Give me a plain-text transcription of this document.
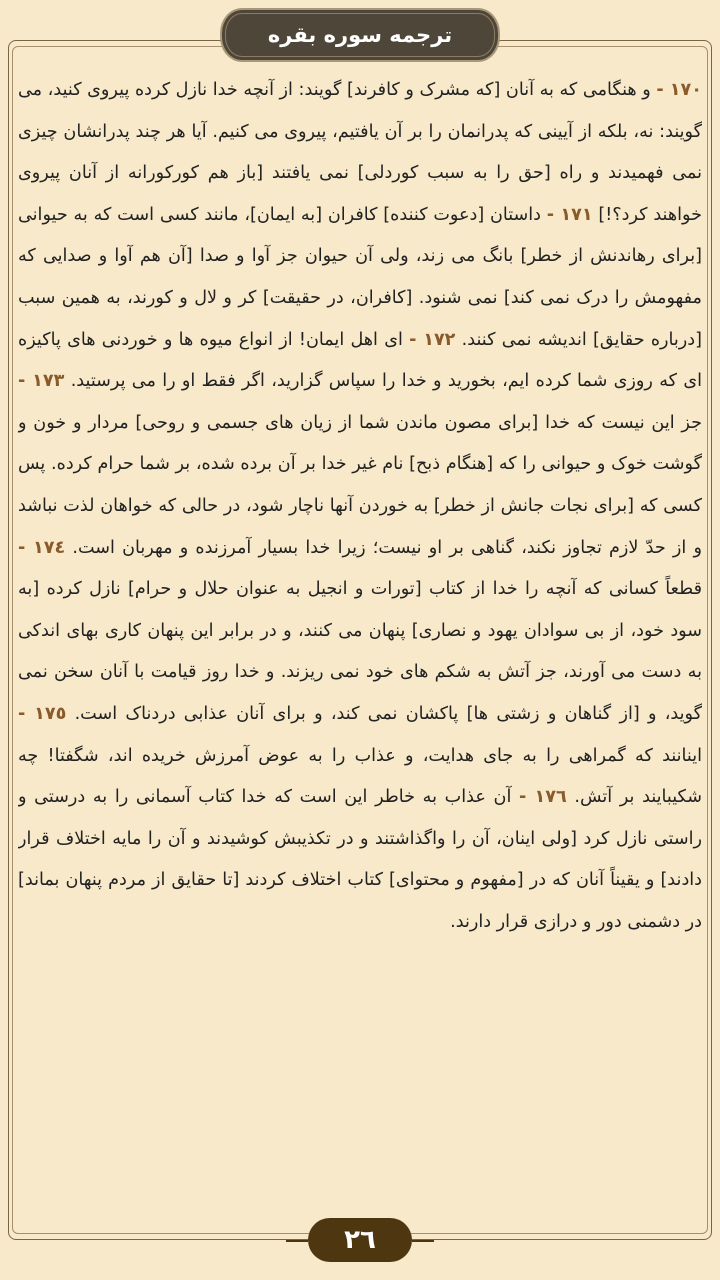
ترجمه سوره بقره

١٧٠ - و هنگامی که به آنان [که مشرک و کافرند] گویند: از آنچه خدا نازل کرده پیروی کنید، می گویند: نه، بلکه از آیینی که پدرانمان را بر آن یافتیم، پیروی می کنیم. آیا هر چند پدرانشان چیزی نمی فهمیدند و راه [حق را به سبب کوردلی] نمی یافتند [باز هم کورکورانه از آنان پیروی خواهند کرد؟!] ١٧١ - داستان [دعوت کننده] کافران [به ایمان]، مانند کسی است که به حیوانی [برای رهاندنش از خطر] بانگ می زند، ولی آن حیوان جز آوا و صدا [آن هم آوا و صدایی که مفهومش را درک نمی کند] نمی شنود. [کافران، در حقیقت] کر و لال و کورند، به همین سبب [درباره حقایق] اندیشه نمی کنند. ١٧٢ - ای اهل ایمان! از انواع میوه ها و خوردنی های پاکیزه ای که روزی شما کرده ایم، بخورید و خدا را سپاس گزارید، اگر فقط او را می پرستید. ١٧٣ - جز این نیست که خدا [برای مصون ماندن شما از زیان های جسمی و روحی] مردار و خون و گوشت خوک و حیوانی را که [هنگام ذبح] نام غیر خدا بر آن برده شده، بر شما حرام کرده. پس کسی که [برای نجات جانش از خطر] به خوردن آنها ناچار شود، در حالی که خواهان لذت نباشد و از حدّ لازم تجاوز نکند، گناهی بر او نیست؛ زیرا خدا بسیار آمرزنده و مهربان است. ١٧٤ - قطعاً کسانی که آنچه را خدا از کتاب [تورات و انجیل به عنوان حلال و حرام] نازل کرده [به سود خود، از بی سوادان یهود و نصاری] پنهان می کنند، و در برابر این پنهان کاری بهای اندکی به دست می آورند، جز آتش به شکم های خود نمی ریزند. و خدا روز قیامت با آنان سخن نمی گوید، و [از گناهان و زشتی ها] پاکشان نمی کند، و برای آنان عذابی دردناک است. ١٧٥ - اینانند که گمراهی را به جای هدایت، و عذاب را به عوض آمرزش خریده اند، شگفتا! چه شکیبایند بر آتش. ١٧٦ - آن عذاب به خاطر این است که خدا کتاب آسمانی را به درستی و راستی نازل کرد [ولی اینان، آن را واگذاشتند و در تکذیبش کوشیدند و آن را مایه اختلاف قرار دادند] و یقیناً آنان که در [مفهوم و محتوای] کتاب اختلاف کردند [تا حقایق از مردم پنهان بماند] در دشمنی دور و درازی قرار دارند.

٢٦
